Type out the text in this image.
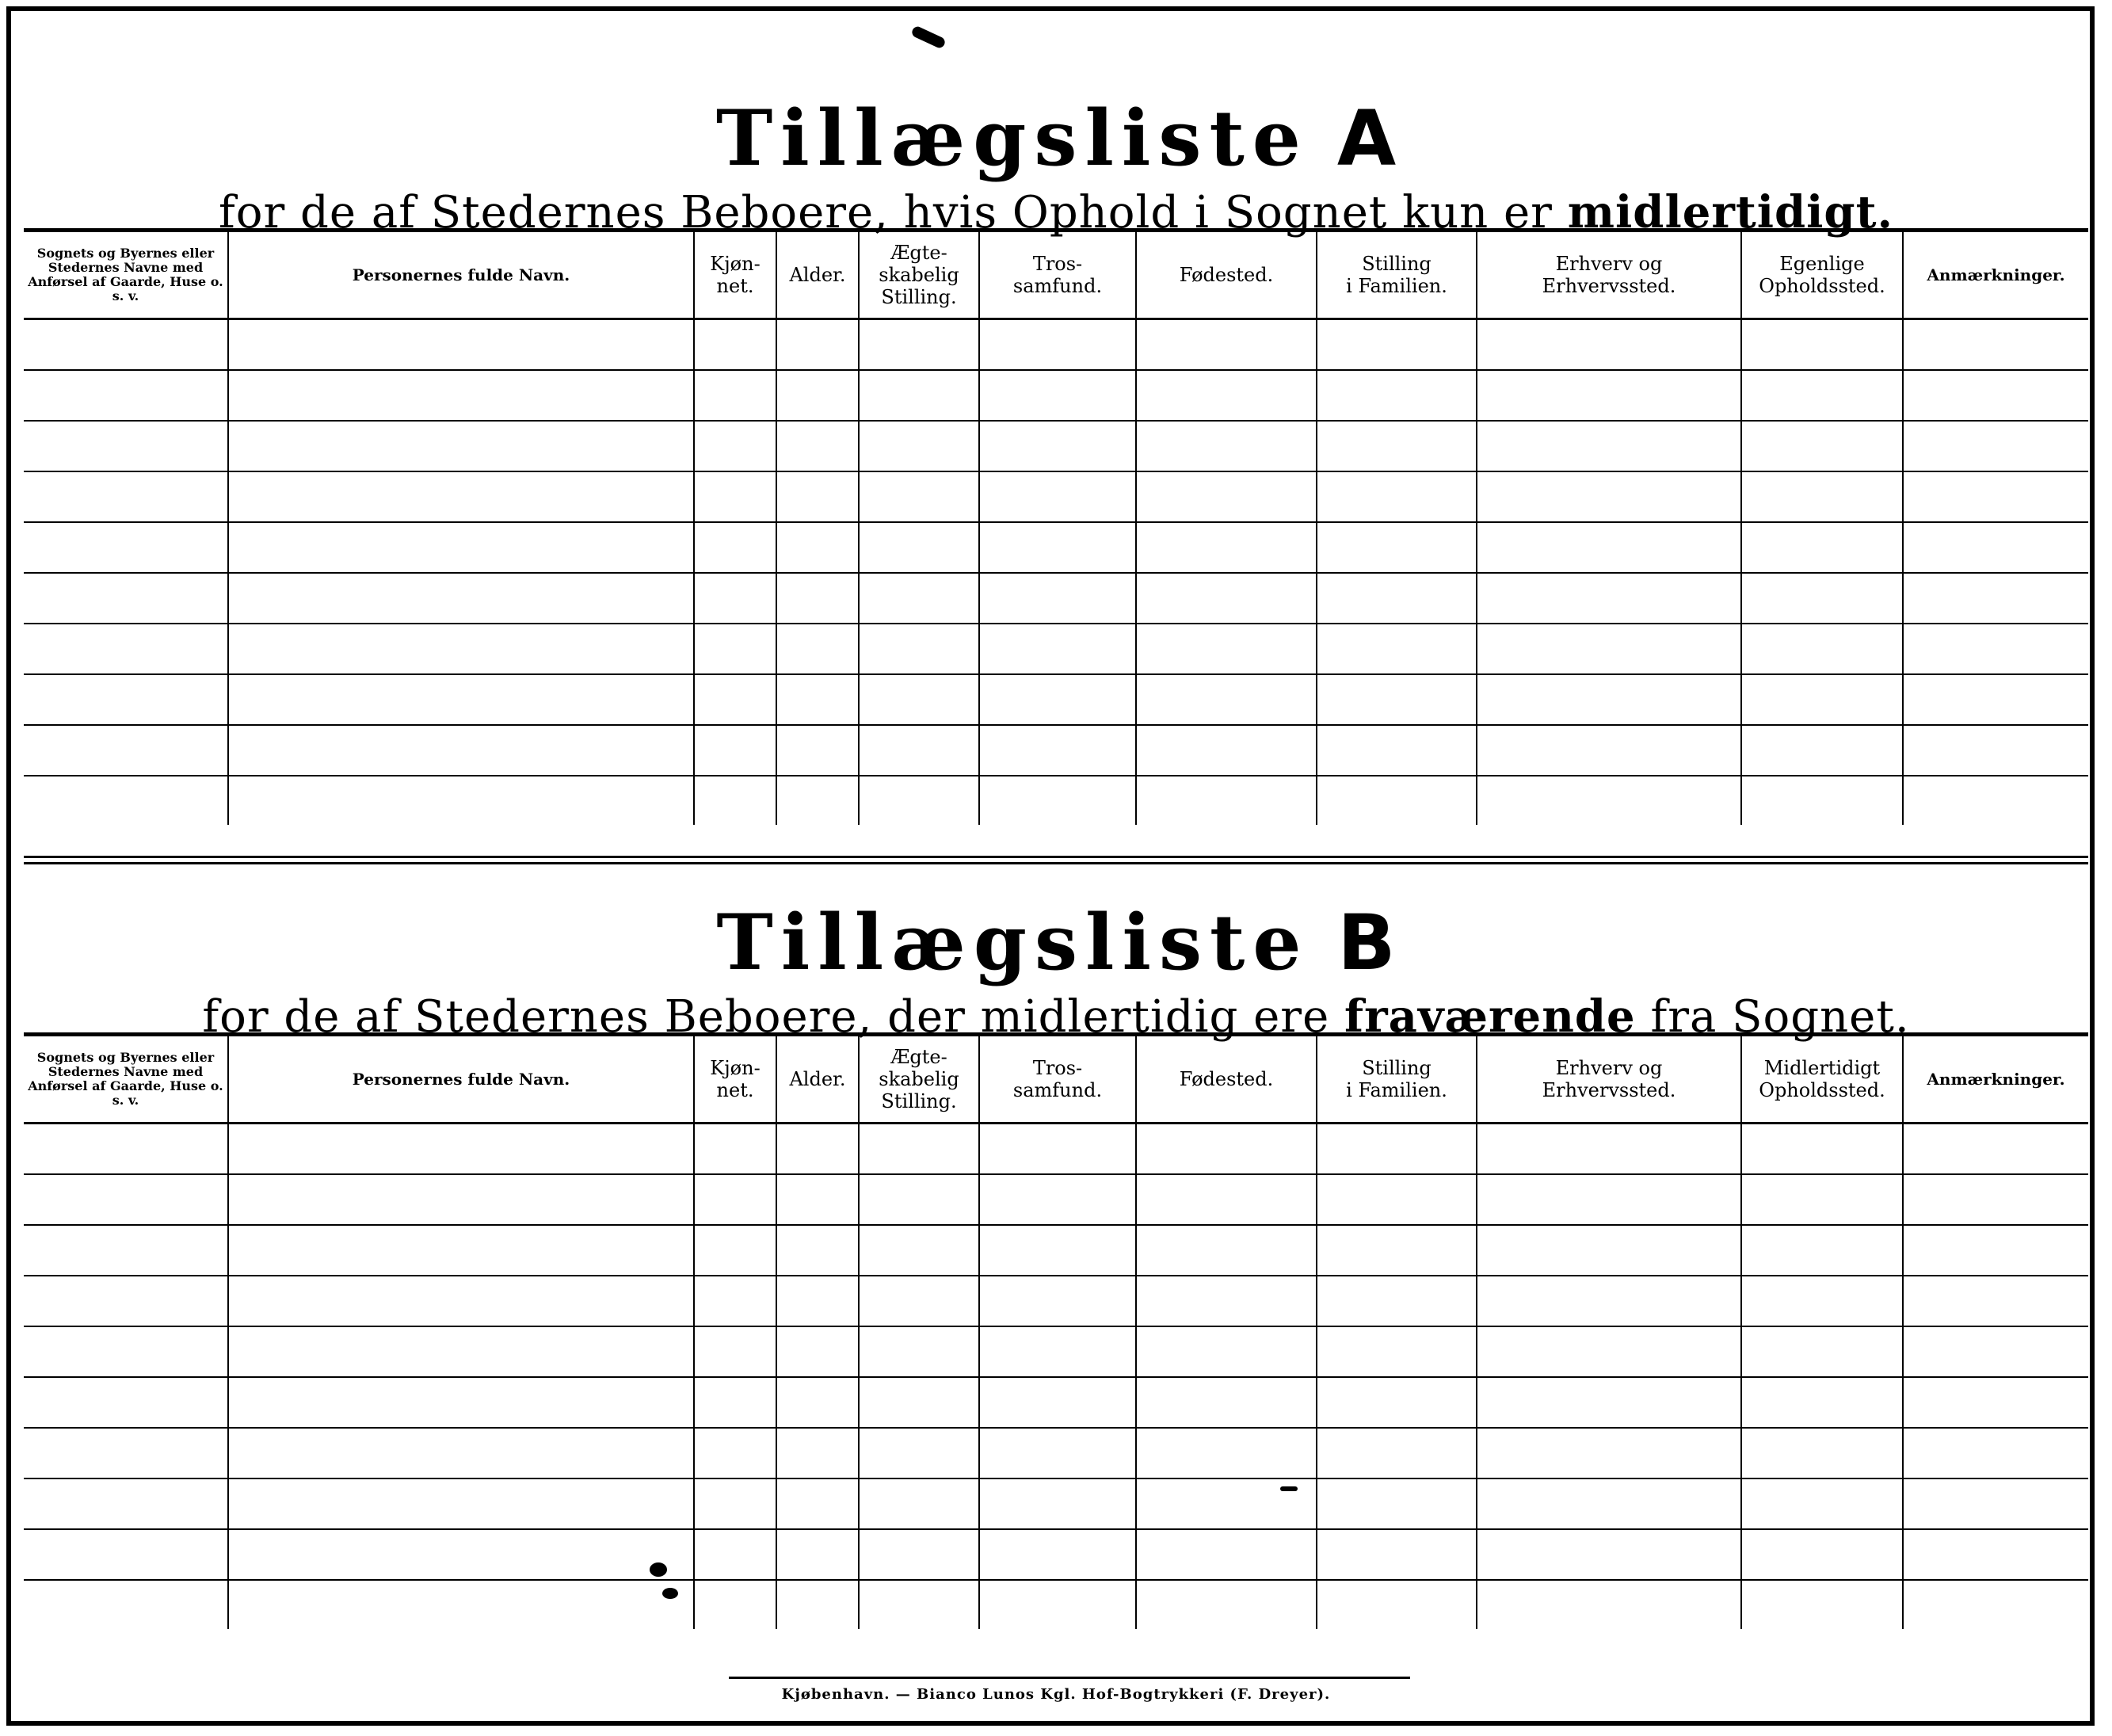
Tillægsliste A

for de af Stedernes Beboere, hvis Ophold i Sognet kun er midlertidigt.

Sognets og Byernes eller Stedernes Navne med Anførsel af Gaarde, Huse o. s. v.	Personernes fulde Navn.	Kjøn-
net.	Alder.	Ægte-
skabelig
Stilling.	Tros-
samfund.	Fødested.	Stilling
i Familien.	Erhverv og
Erhvervssted.	Egenlige
Opholdssted.	Anmærkninger.

Tillægsliste B

for de af Stedernes Beboere, der midlertidig ere fraværende fra Sognet.

Sognets og Byernes eller Stedernes Navne med Anførsel af Gaarde, Huse o. s. v.	Personernes fulde Navn.	Kjøn-
net.	Alder.	Ægte-
skabelig
Stilling.	Tros-
samfund.	Fødested.	Stilling
i Familien.	Erhverv og
Erhvervssted.	Midlertidigt
Opholdssted.	Anmærkninger.

Kjøbenhavn. — Bianco Lunos Kgl. Hof-Bogtrykkeri (F. Dreyer).
